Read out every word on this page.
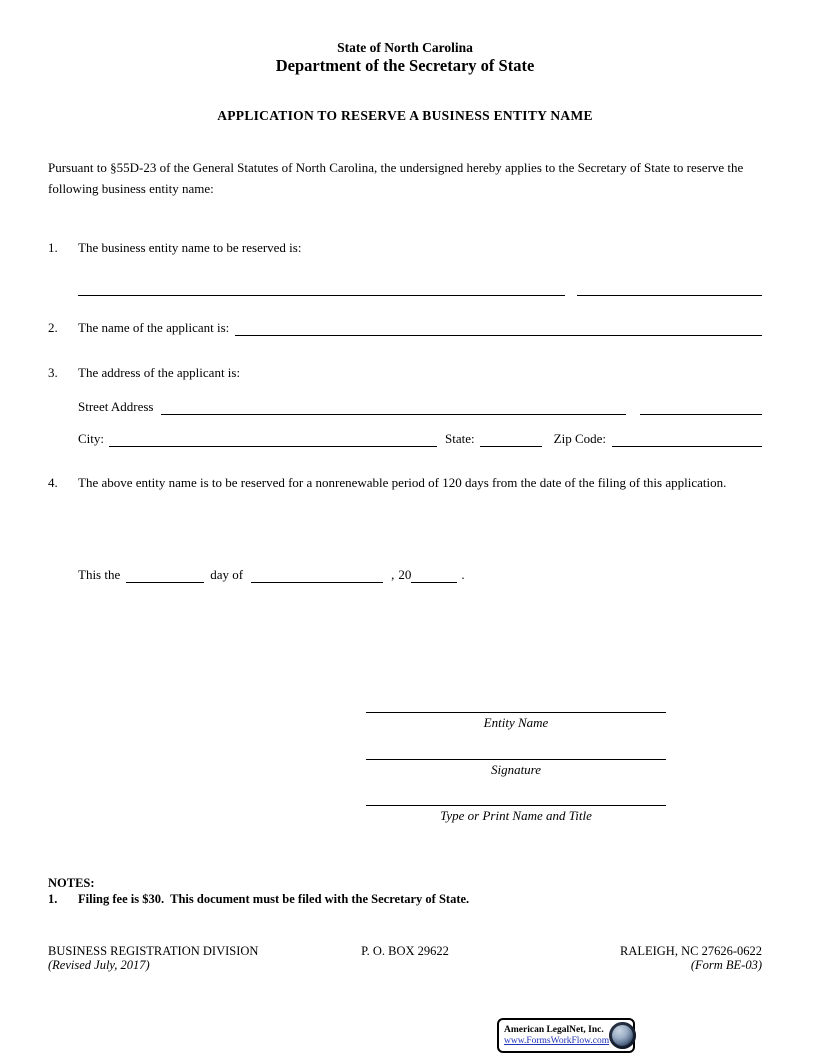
State of North Carolina
Department of the Secretary of State
APPLICATION TO RESERVE A BUSINESS ENTITY NAME

Pursuant to §55D-23 of the General Statutes of North Carolina, the undersigned hereby applies to the Secretary of State to reserve the following business entity name:

1.	The business entity name to be reserved is:
2.	The name of the applicant is:
3.	The address of the applicant is:
Street Address
City:	State:	Zip Code:
4.	The above entity name is to be reserved for a nonrenewable period of 120 days from the date of the filing of this application.
This the	day of	, 20	.
Entity Name
Signature
Type or Print Name and Title
NOTES:
1.	Filing fee is $30.  This document must be filed with the Secretary of State.
BUSINESS REGISTRATION DIVISION
(Revised July, 2017)
P. O. BOX 29622	RALEIGH, NC 27626-0622
(Form BE-03)
American LegalNet, Inc.
www.FormsWorkFlow.com
